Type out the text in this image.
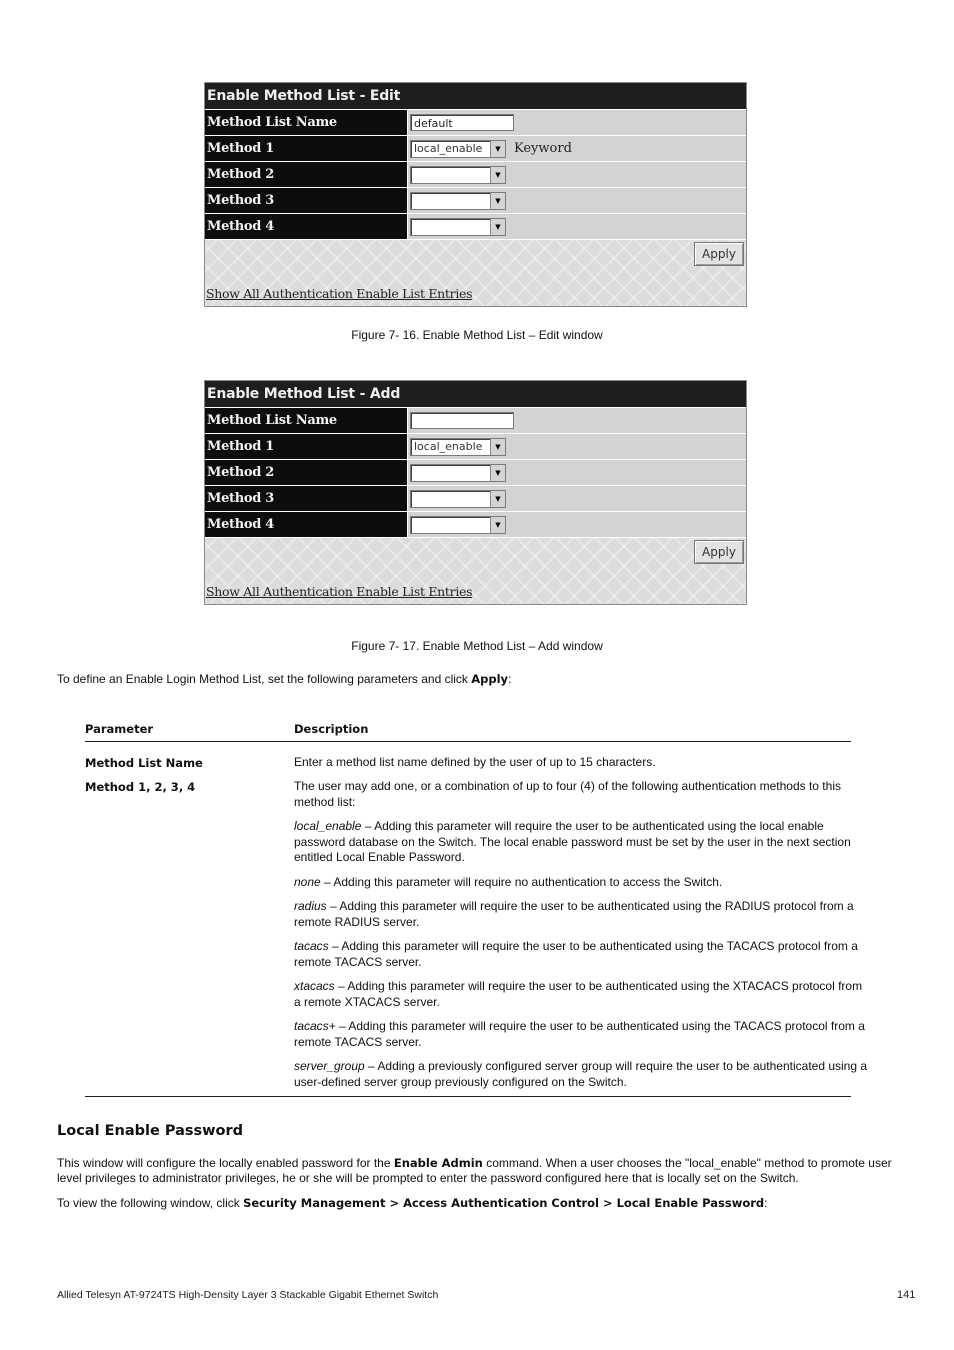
Enable Method List - Edit
Method List Name	default
Method 1	local_enable	▼	Keyword
Method 2	▼
Method 3	▼
Method 4	▼
Apply
Show All Authentication Enable List Entries
Figure 7- 16. Enable Method List – Edit window
Enable Method List - Add
Method List Name
Method 1	local_enable	▼
Method 2	▼
Method 3	▼
Method 4	▼
Apply
Show All Authentication Enable List Entries
Figure 7- 17. Enable Method List – Add window
To define an Enable Login Method List, set the following parameters and click Apply:
Parameter	Description
Method List Name	Enter a method list name defined by the user of up to 15 characters.
Method 1, 2, 3, 4	The user may add one, or a combination of up to four (4) of the following authentication methods to this method list:
local_enable – Adding this parameter will require the user to be authenticated using the local enable password database on the Switch. The local enable password must be set by the user in the next section entitled Local Enable Password.
none – Adding this parameter will require no authentication to access the Switch.
radius – Adding this parameter will require the user to be authenticated using the RADIUS protocol from a remote RADIUS server.
tacacs – Adding this parameter will require the user to be authenticated using the TACACS protocol from a remote TACACS server.
xtacacs – Adding this parameter will require the user to be authenticated using the XTACACS protocol from a remote XTACACS server.
tacacs+ – Adding this parameter will require the user to be authenticated using the TACACS protocol from a remote TACACS server.
server_group – Adding a previously configured server group will require the user to be authenticated using a user-defined server group previously configured on the Switch.
Local Enable Password
This window will configure the locally enabled password for the Enable Admin command. When a user chooses the "local_enable" method to promote user level privileges to administrator privileges, he or she will be prompted to enter the password configured here that is locally set on the Switch.
To view the following window, click Security Management > Access Authentication Control > Local Enable Password:
Allied Telesyn AT-9724TS High-Density Layer 3 Stackable Gigabit Ethernet Switch	141
